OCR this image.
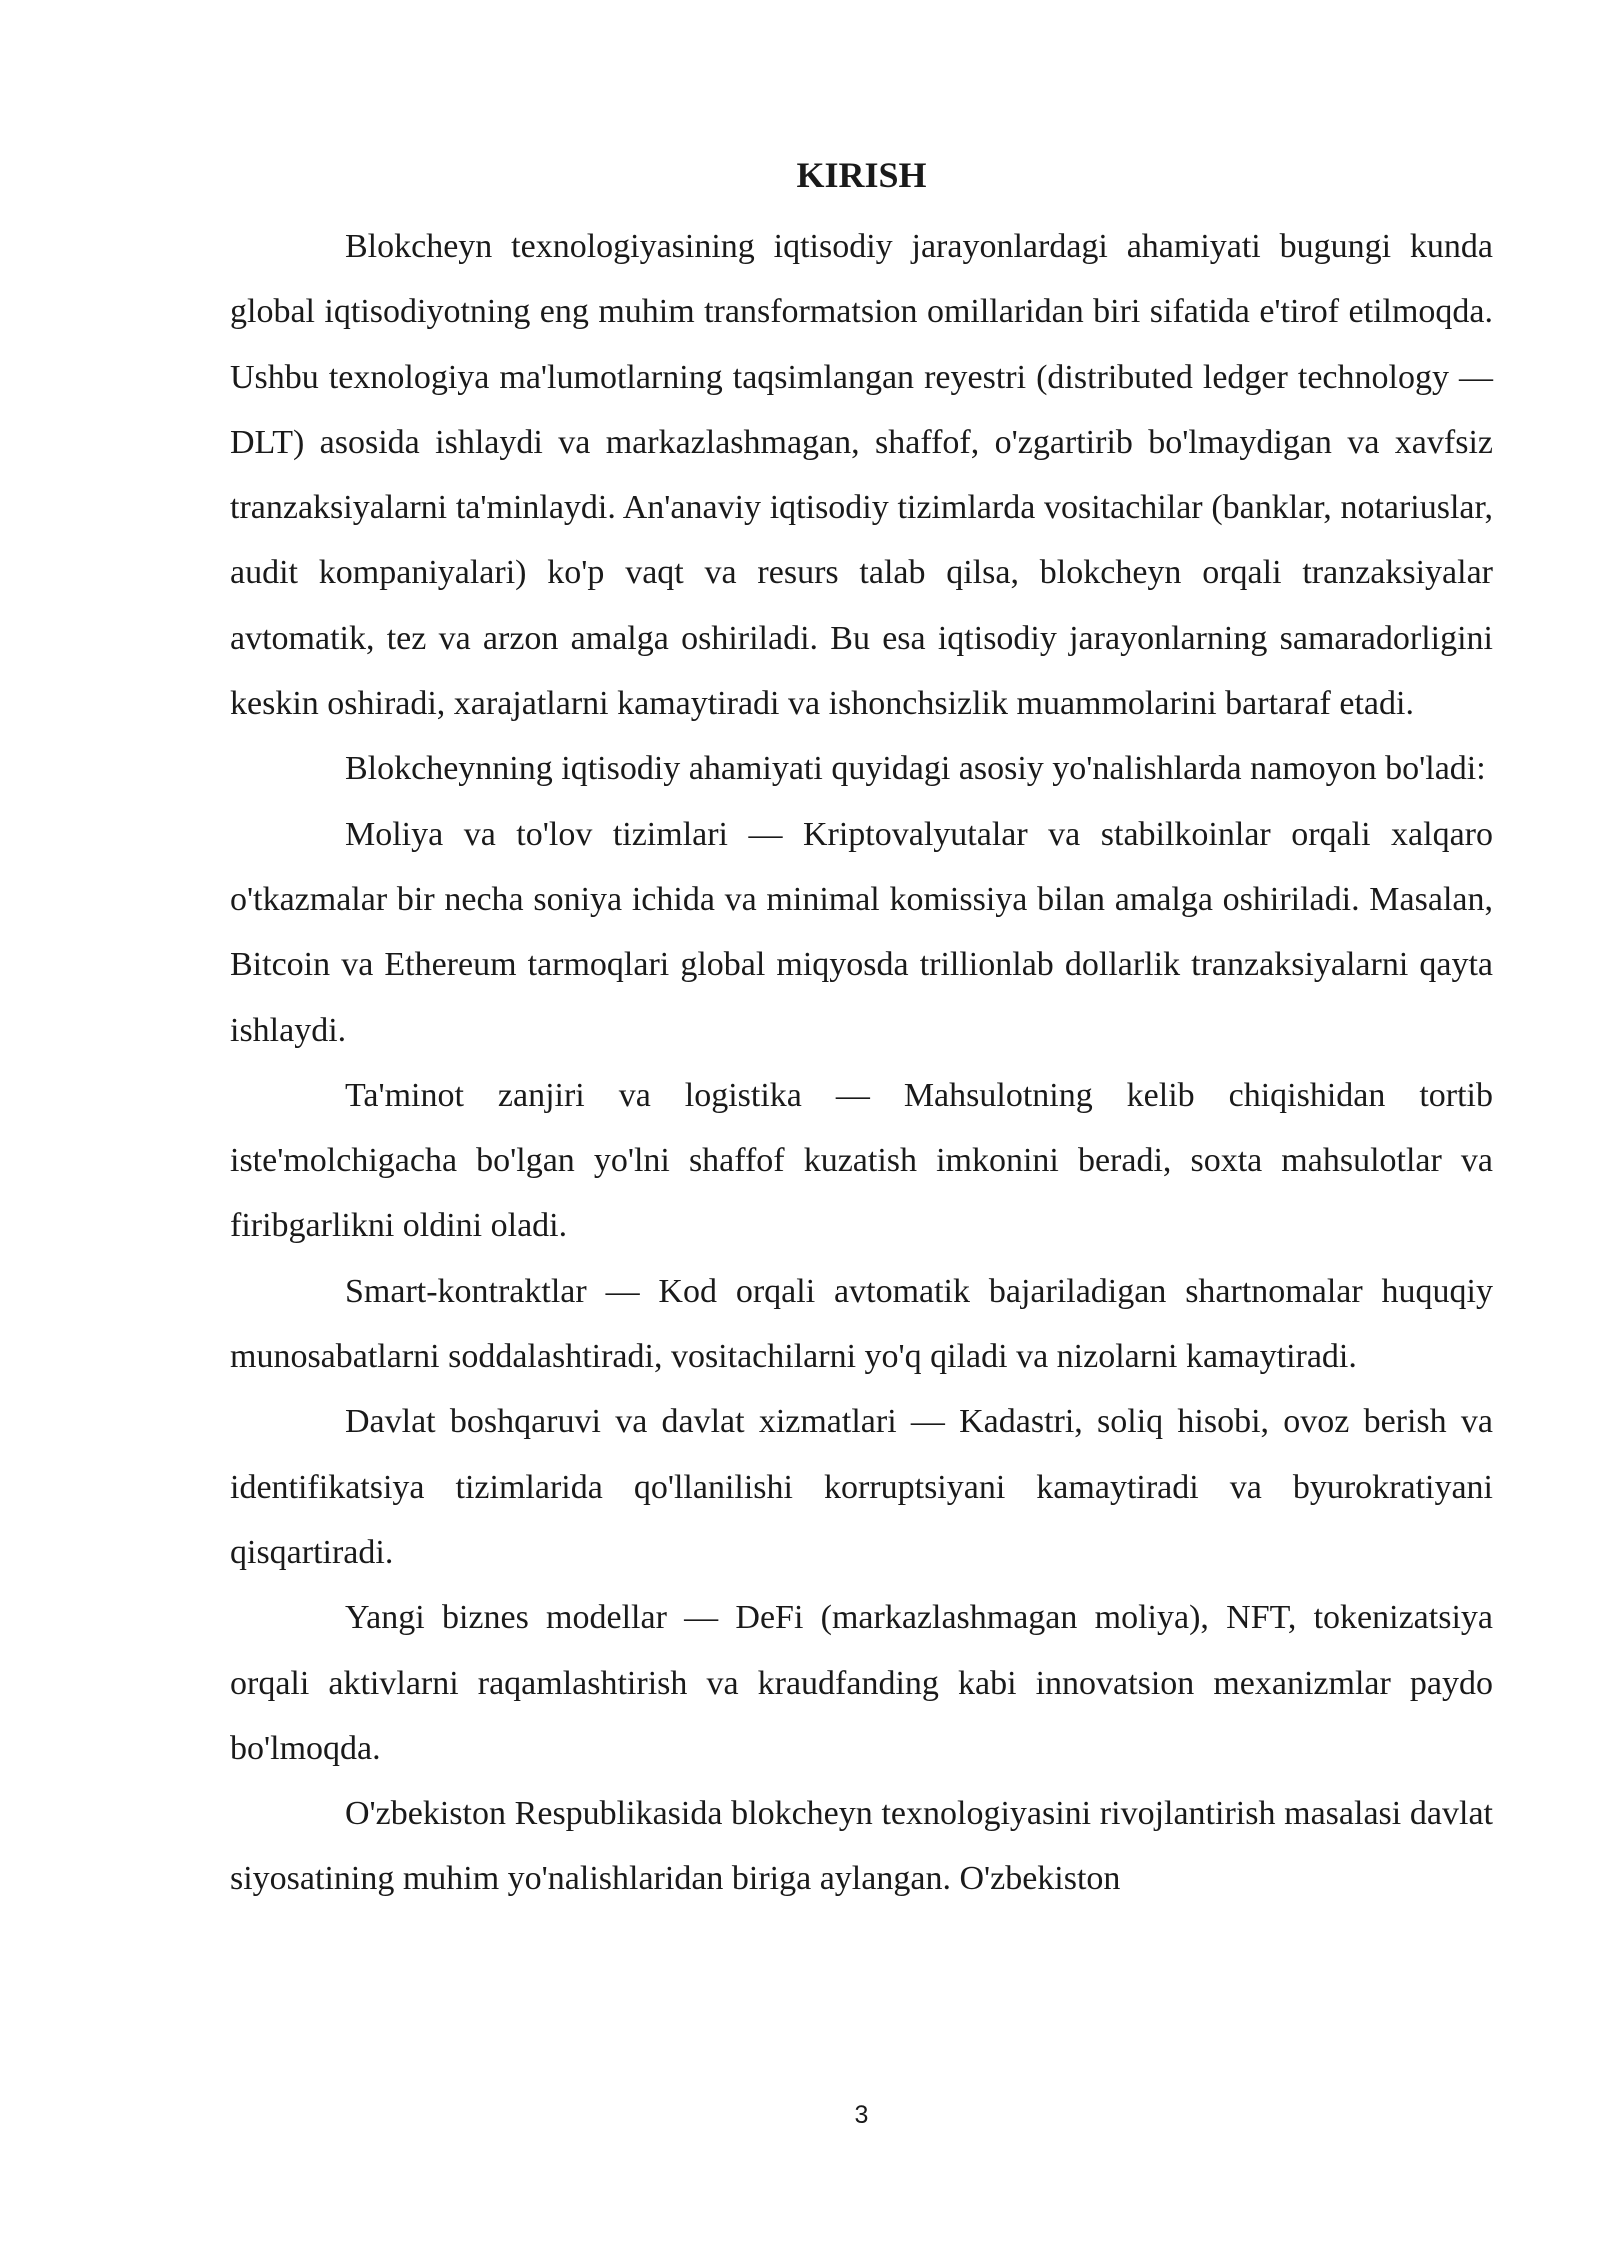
KIRISH

Blokcheyn texnologiyasining iqtisodiy jarayonlardagi ahamiyati bugungi kunda global iqtisodiyotning eng muhim transformatsion omillaridan biri sifatida e'tirof etilmoqda. Ushbu texnologiya ma'lumotlarning taqsimlangan reyestri (distributed ledger technology — DLT) asosida ishlaydi va markazlashmagan, shaffof, o'zgartirib bo'lmaydigan va xavfsiz tranzaksiyalarni ta'minlaydi. An'anaviy iqtisodiy tizimlarda vositachilar (banklar, notariuslar, audit kompaniyalari) ko'p vaqt va resurs talab qilsa, blokcheyn orqali tranzaksiyalar avtomatik, tez va arzon amalga oshiriladi. Bu esa iqtisodiy jarayonlarning samaradorligini keskin oshiradi, xarajatlarni kamaytiradi va ishonchsizlik muammolarini bartaraf etadi.

Blokcheynning iqtisodiy ahamiyati quyidagi asosiy yo'nalishlarda namoyon bo'ladi:

Moliya va to'lov tizimlari — Kriptovalyutalar va stabilkoinlar orqali xalqaro o'tkazmalar bir necha soniya ichida va minimal komissiya bilan amalga oshiriladi. Masalan, Bitcoin va Ethereum tarmoqlari global miqyosda trillionlab dollarlik tranzaksiyalarni qayta ishlaydi.

Ta'minot zanjiri va logistika — Mahsulotning kelib chiqishidan tortib iste'molchigacha bo'lgan yo'lni shaffof kuzatish imkonini beradi, soxta mahsulotlar va firibgarlikni oldini oladi.

Smart-kontraktlar — Kod orqali avtomatik bajariladigan shartnomalar huquqiy munosabatlarni soddalashtiradi, vositachilarni yo'q qiladi va nizolarni kamaytiradi.

Davlat boshqaruvi va davlat xizmatlari — Kadastri, soliq hisobi, ovoz berish va identifikatsiya tizimlarida qo'llanilishi korruptsiyani kamaytiradi va byurokratiyani qisqartiradi.

Yangi biznes modellar — DeFi (markazlashmagan moliya), NFT, tokenizatsiya orqali aktivlarni raqamlashtirish va kraudfanding kabi innovatsion mexanizmlar paydo bo'lmoqda.

O'zbekiston Respublikasida blokcheyn texnologiyasini rivojlantirish masalasi davlat siyosatining muhim yo'nalishlaridan biriga aylangan. O'zbekiston

3
